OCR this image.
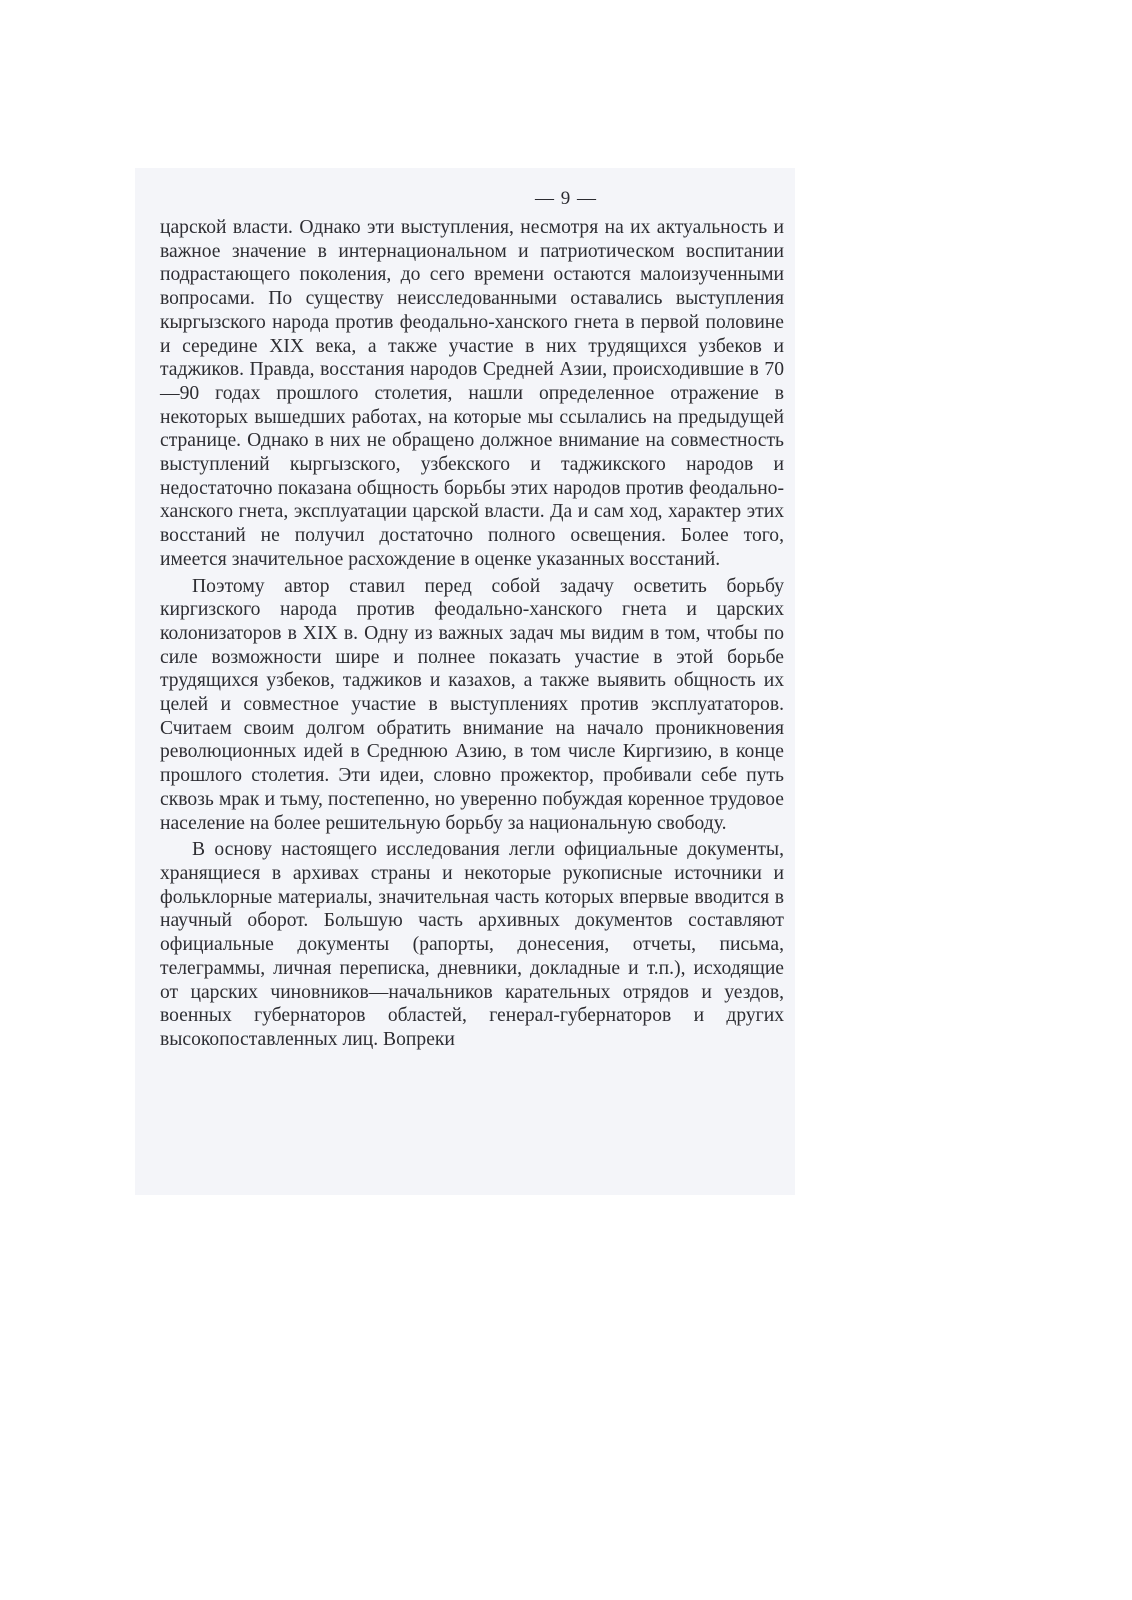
— 9 —

царской власти. Однако эти выступления, несмотря на их актуальность и важное значение в интернациональном и патриотическом воспитании подрастающего поколения, до сего времени остаются малоизученными вопросами. По существу неисследованными оставались выступления кыргызского народа против феодально-ханского гнета в первой половине и середине XIX века, а также участие в них трудящихся узбеков и таджиков. Правда, восстания народов Средней Азии, происходившие в 70—90 годах прошлого столетия, нашли определенное отражение в некоторых вышедших работах, на которые мы ссылались на предыдущей странице. Однако в них не обращено должное внимание на совместность выступлений кыргызского, узбекского и таджикского народов и недостаточно показана общность борьбы этих народов против феодально-ханского гнета, эксплуатации царской власти. Да и сам ход, характер этих восстаний не получил достаточно полного освещения. Более того, имеется значительное расхождение в оценке указанных восстаний.

Поэтому автор ставил перед собой задачу осветить борьбу киргизского народа против феодально-ханского гнета и царских колонизаторов в XIX в. Одну из важных задач мы видим в том, чтобы по силе возможности шире и полнее показать участие в этой борьбе трудящихся узбеков, таджиков и казахов, а также выявить общность их целей и совместное участие в выступлениях против эксплуататоров. Считаем своим долгом обратить внимание на начало проникновения революционных идей в Среднюю Азию, в том числе Киргизию, в конце прошлого столетия. Эти идеи, словно прожектор, пробивали себе путь сквозь мрак и тьму, постепенно, но уверенно побуждая коренное трудовое население на более решительную борьбу за национальную свободу.

В основу настоящего исследования легли официальные документы, хранящиеся в архивах страны и некоторые рукописные источники и фольклорные материалы, значительная часть которых впервые вводится в научный оборот. Большую часть архивных документов составляют официальные документы (рапорты, донесения, отчеты, письма, телеграммы, личная переписка, дневники, докладные и т.п.), исходящие от царских чиновников—начальников карательных отрядов и уездов, военных губернаторов областей, генерал-губернаторов и других высокопоставленных лиц. Вопреки
